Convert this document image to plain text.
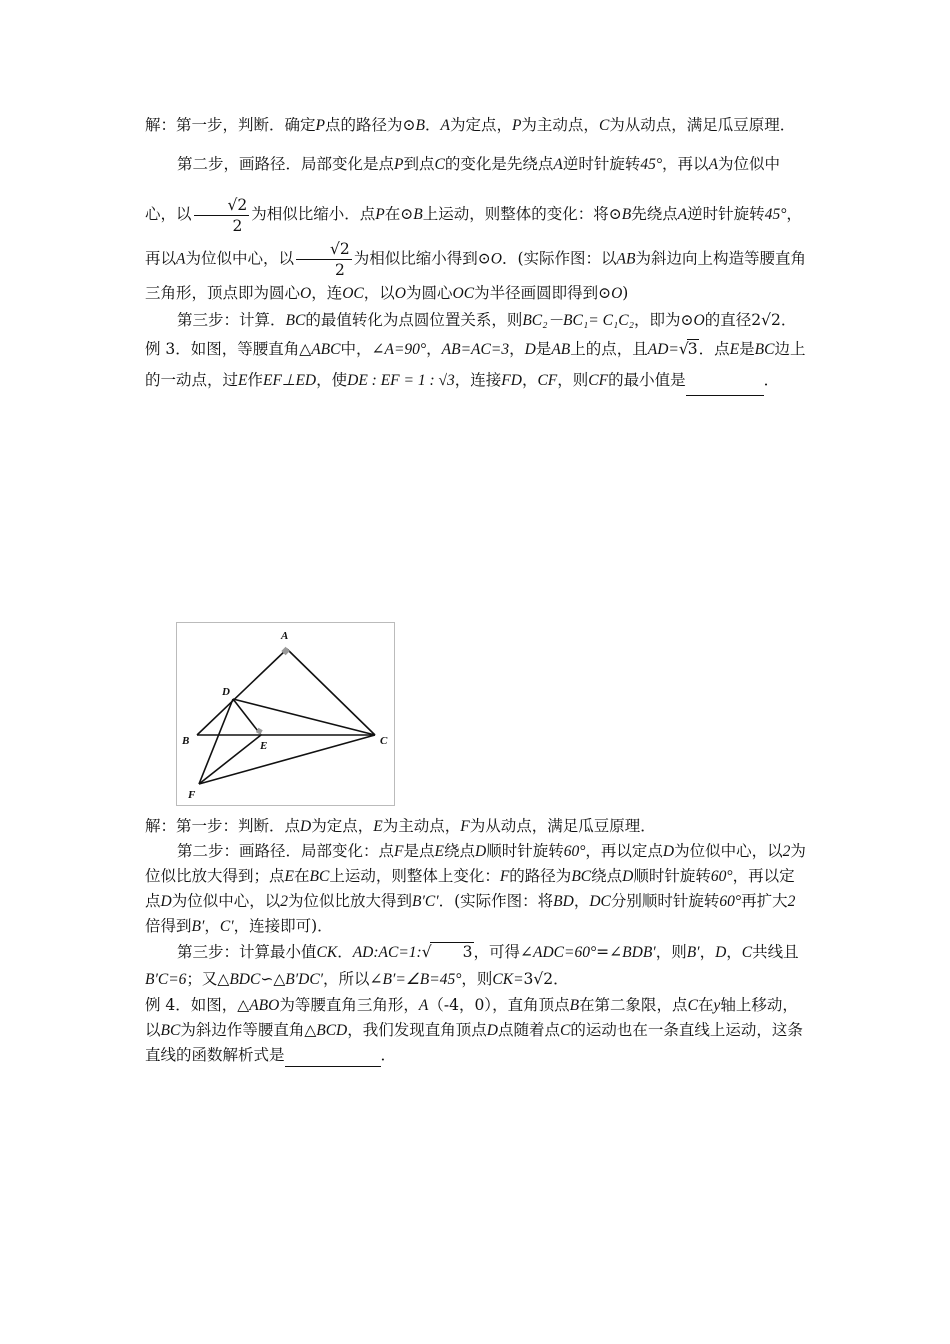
解：第一步，判断．确定P点的路径为⊙B．A为定点，P为主动点，C为从动点，满足瓜豆原理．

第二步，画路径．局部变化是点P到点C的变化是先绕点A逆时针旋转45°，再以A为位似中心，以 $\frac{√2}{2}$ 为相似比缩小．点P在⊙B上运动，则整体的变化：将⊙B先绕点A逆时针旋转45°，再以A为位似中心，以 $\frac{√2}{2}$ 为相似比缩小得到⊙O．(实际作图：以AB为斜边向上构造等腰直角三角形，顶点即为圆心O，连OC，以O为圆心OC为半径画圆即得到⊙O)

第三步：计算．BC的最值转化为点圆位置关系，则BC₂－BC₁= C₁C₂，即为⊙O的直径2√2．

例 3．如图，等腰直角△ABC中，∠A=90°，AB=AC=3，D是AB上的点，且AD=√3．点E是BC边上的一动点，过E作EF⊥ED，使DE : EF = 1 : √3，连接FD，CF，则CF的最小值是	．

A
B	C
D
E
F

解：第一步：判断．点D为定点，E为主动点，F为从动点，满足瓜豆原理．

第二步：画路径．局部变化：点F是点E绕点D顺时针旋转60°，再以定点D为位似中心，以2为位似比放大得到；点E在BC上运动，则整体上变化：F的路径为BC绕点D顺时针旋转60°，再以定点D为位似中心，以2为位似比放大得到B′C′．(实际作图：将BD，DC分别顺时针旋转60°再扩大2倍得到B′，C′，连接即可)．

第三步：计算最小值CK．AD:AC=1:√ 3，可得∠ADC=60°=∠BDB′，则B′，D，C共线且B′C=6；又△BDC∽△B′DC′，所以∠B′=∠B=45°，则CK=3√2．

例 4．如图，△ABO为等腰直角三角形，A（-4，0），直角顶点B在第二象限，点C在y轴上移动，以BC为斜边作等腰直角△BCD，我们发现直角顶点D点随着点C的运动也在一条直线上运动，这条直线的函数解析式是	．
